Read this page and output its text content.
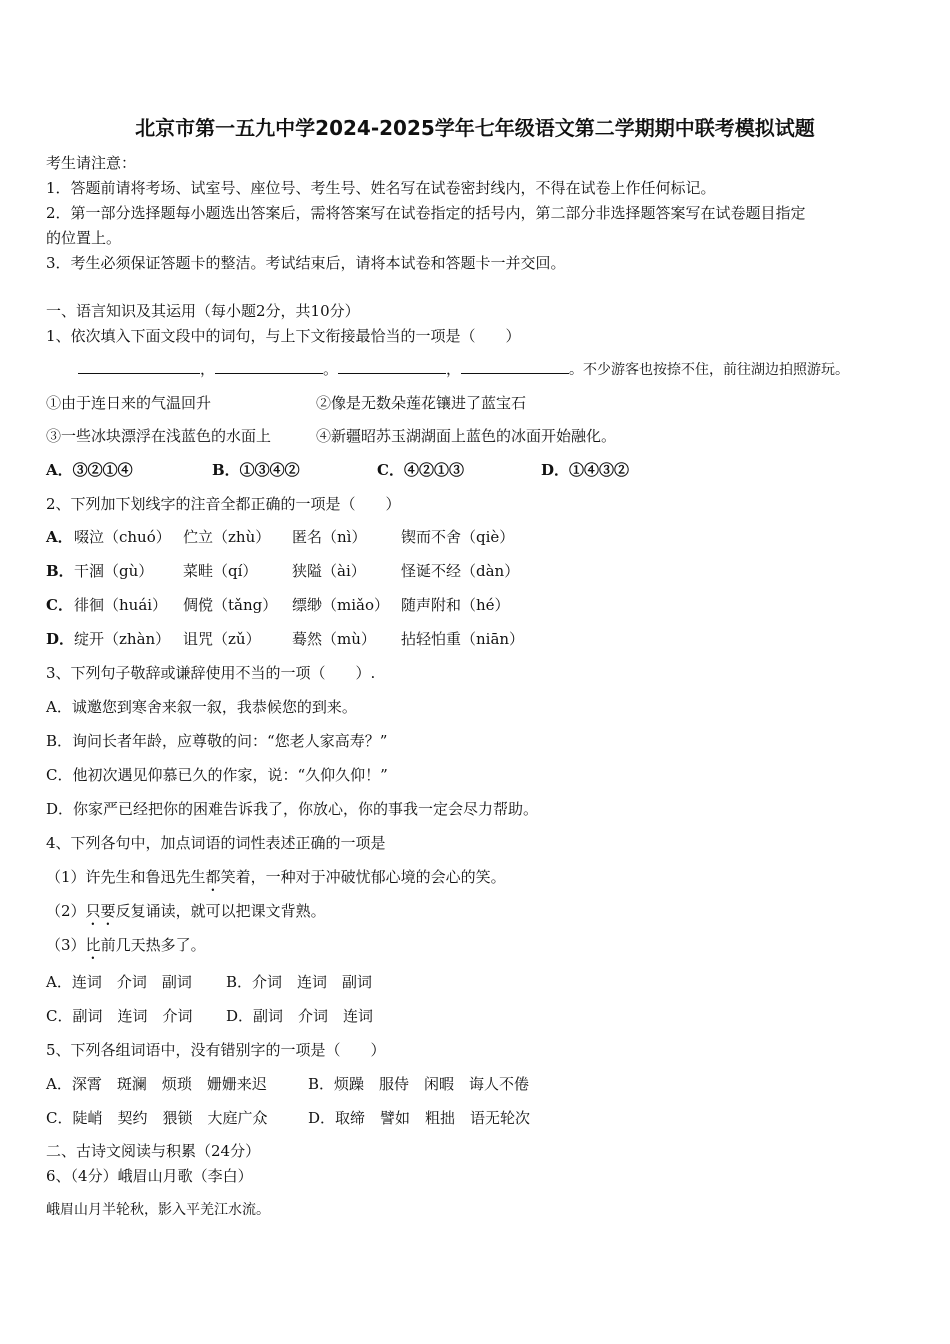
北京市第一五九中学2024-2025学年七年级语文第二学期期中联考模拟试题
考生请注意：
1．答题前请将考场、试室号、座位号、考生号、姓名写在试卷密封线内，不得在试卷上作任何标记。
2．第一部分选择题每小题选出答案后，需将答案写在试卷指定的括号内，第二部分非选择题答案写在试卷题目指定
的位置上。
3．考生必须保证答题卡的整洁。考试结束后，请将本试卷和答题卡一并交回。
一、语言知识及其运用（每小题2分，共10分）
1、依次填入下面文段中的词句，与上下文衔接最恰当的一项是（　　）
，	。	，	。不少游客也按捺不住，前往湖边拍照游玩。
①由于连日来的气温回升	②像是无数朵莲花镶进了蓝宝石
③一些冰块漂浮在浅蓝色的水面上	④新疆昭苏玉湖湖面上蓝色的冰面开始融化。
A．③②①④	B．①③④②	C．④②①③	D．①④③②
2、下列加下划线字的注音全都正确的一项是（　　）
A． 啜泣（chuó） 伫立（zhù） 匿名（nì） 锲而不舍（qiè）
B． 干涸（gù） 菜畦（qí） 狭隘（ài） 怪诞不经（dàn）
C． 徘徊（huái） 倜傥（tǎng） 缥缈（miǎo） 随声附和（hé）
D． 绽开（zhàn） 诅咒（zǔ） 蓦然（mù） 拈轻怕重（niān）
3、下列句子敬辞或谦辞使用不当的一项（　　）.
A．诚邀您到寒舍来叙一叙，我恭候您的到来。
B．询问长者年龄，应尊敬的问：“您老人家高寿？”
C．他初次遇见仰慕已久的作家，说：“久仰久仰！”
D．你家严已经把你的困难告诉我了，你放心，你的事我一定会尽力帮助。
4、下列各句中，加点词语的词性表述正确的一项是
（1）许先生和鲁迅先生都笑着，一种对于冲破忧郁心境的会心的笑。
（2）只要反复诵读，就可以把课文背熟。
（3）比前几天热多了。
A．连词　介词　副词 B．介词　连词　副词
C．副词　连词　介词 D．副词　介词　连词
5、下列各组词语中，没有错别字的一项是（　　）
A．深霄　斑澜　烦琐　姗姗来迟	B．烦躁　服侍　闲暇　诲人不倦
C．陡峭　契约　猥锁　大庭广众	D．取缔　譬如　粗拙　语无轮次
二、古诗文阅读与积累（24分）
6、（4分）峨眉山月歌（李白）
峨眉山月半轮秋，影入平羌江水流。
